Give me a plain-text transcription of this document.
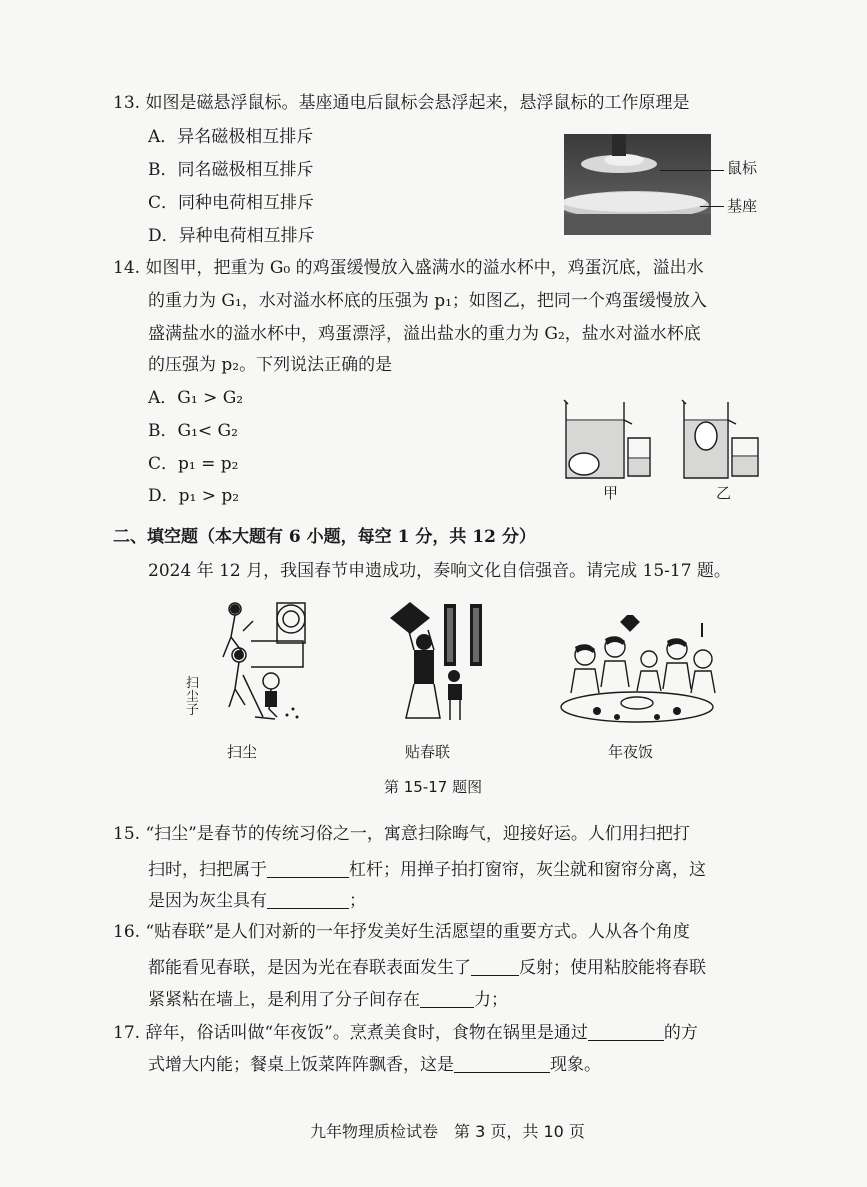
13. 如图是磁悬浮鼠标。基座通电后鼠标会悬浮起来，悬浮鼠标的工作原理是
A．异名磁极相互排斥
B．同名磁极相互排斥
C．同种电荷相互排斥
D．异种电荷相互排斥
鼠标
基座
14. 如图甲，把重为 G₀ 的鸡蛋缓慢放入盛满水的溢水杯中，鸡蛋沉底，溢出水
的重力为 G₁，水对溢水杯底的压强为 p₁；如图乙，把同一个鸡蛋缓慢放入
盛满盐水的溢水杯中，鸡蛋漂浮，溢出盐水的重力为 G₂，盐水对溢水杯底
的压强为 p₂。下列说法正确的是
A．G₁ > G₂
B．G₁< G₂
C．p₁ = p₂
D．p₁ > p₂	甲	乙
二、填空题（本大题有 6 小题，每空 1 分，共 12 分）
2024 年 12 月，我国春节申遗成功，奏响文化自信强音。请完成 15-17 题。
扫尘子
扫尘	贴春联	年夜饭
第 15-17 题图
15. “扫尘”是春节的传统习俗之一，寓意扫除晦气，迎接好运。人们用扫把打
扫时，扫把属于	杠杆；用掸子拍打窗帘，灰尘就和窗帘分离，这
是因为灰尘具有	；
16. “贴春联”是人们对新的一年抒发美好生活愿望的重要方式。人从各个角度
都能看见春联，是因为光在春联表面发生了	反射；使用粘胶能将春联
紧紧粘在墙上，是利用了分子间存在	力；
17. 辞年，俗话叫做“年夜饭”。烹煮美食时，食物在锅里是通过	的方
式增大内能；餐桌上饭菜阵阵飘香，这是	现象。
九年物理质检试卷　第 3 页，共 10 页
